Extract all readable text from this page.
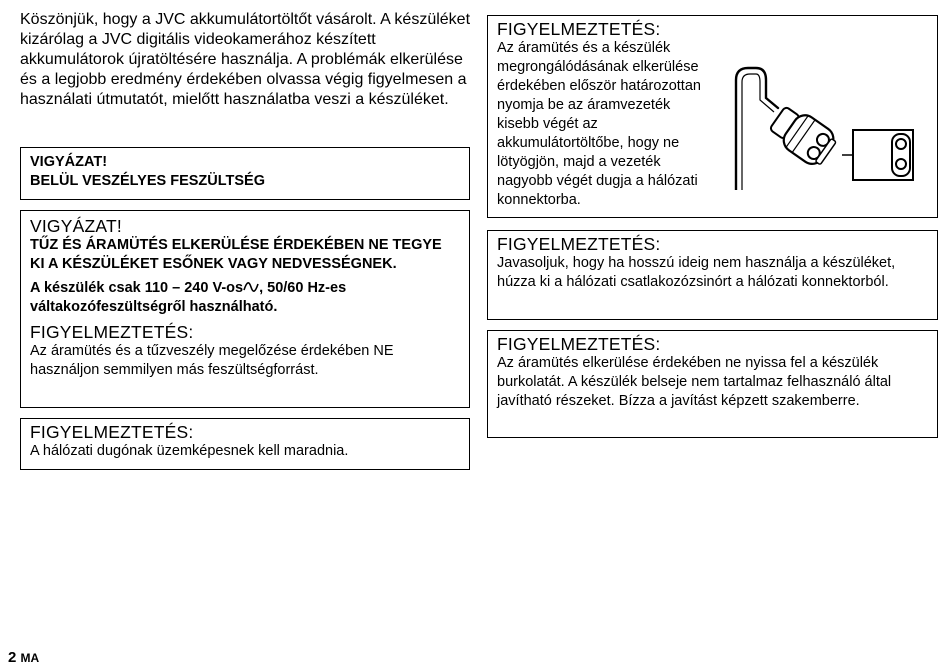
Köszönjük, hogy a JVC akkumulátortöltőt vásárolt. A készüléket kizárólag a JVC digitális videokamerához készített akkumulátorok újratöltésére használja. A problémák elkerülése és a legjobb eredmény érdekében olvassa végig figyelmesen a használati útmutatót, mielőtt használatba veszi a készüléket.

VIGYÁZAT!

BELÜL VESZÉLYES FESZÜLTSÉG

VIGYÁZAT!

TŰZ ÉS ÁRAMÜTÉS ELKERÜLÉSE ÉRDEKÉBEN NE TEGYE KI A KÉSZÜLÉKET ESŐNEK VAGY NEDVESSÉGNEK.

A készülék csak 110 – 240 V-os , 50/60 Hz-es váltakozófeszültségről használható.

FIGYELMEZTETÉS:

Az áramütés és a tűzveszély megelőzése érdekében NE használjon semmilyen más feszültségforrást.

FIGYELMEZTETÉS:

A hálózati dugónak üzemképesnek kell maradnia.

FIGYELMEZTETÉS:

Az áramütés és a készülék megrongálódásának elkerülése érdekében először határozottan nyomja be az áramvezeték kisebb végét az akkumulátortöltőbe, hogy ne lötyögjön, majd a vezeték nagyobb végét dugja a hálózati konnektorba.

FIGYELMEZTETÉS:

Javasoljuk, hogy ha hosszú ideig nem használja a készüléket, húzza ki a hálózati csatlakozózsinórt a hálózati konnektorból.

FIGYELMEZTETÉS:

Az áramütés elkerülése érdekében ne nyissa fel a készülék burkolatát. A készülék belseje nem tartalmaz felhasználó által javítható részeket. Bízza a javítást képzett szakemberre.

2 MA
